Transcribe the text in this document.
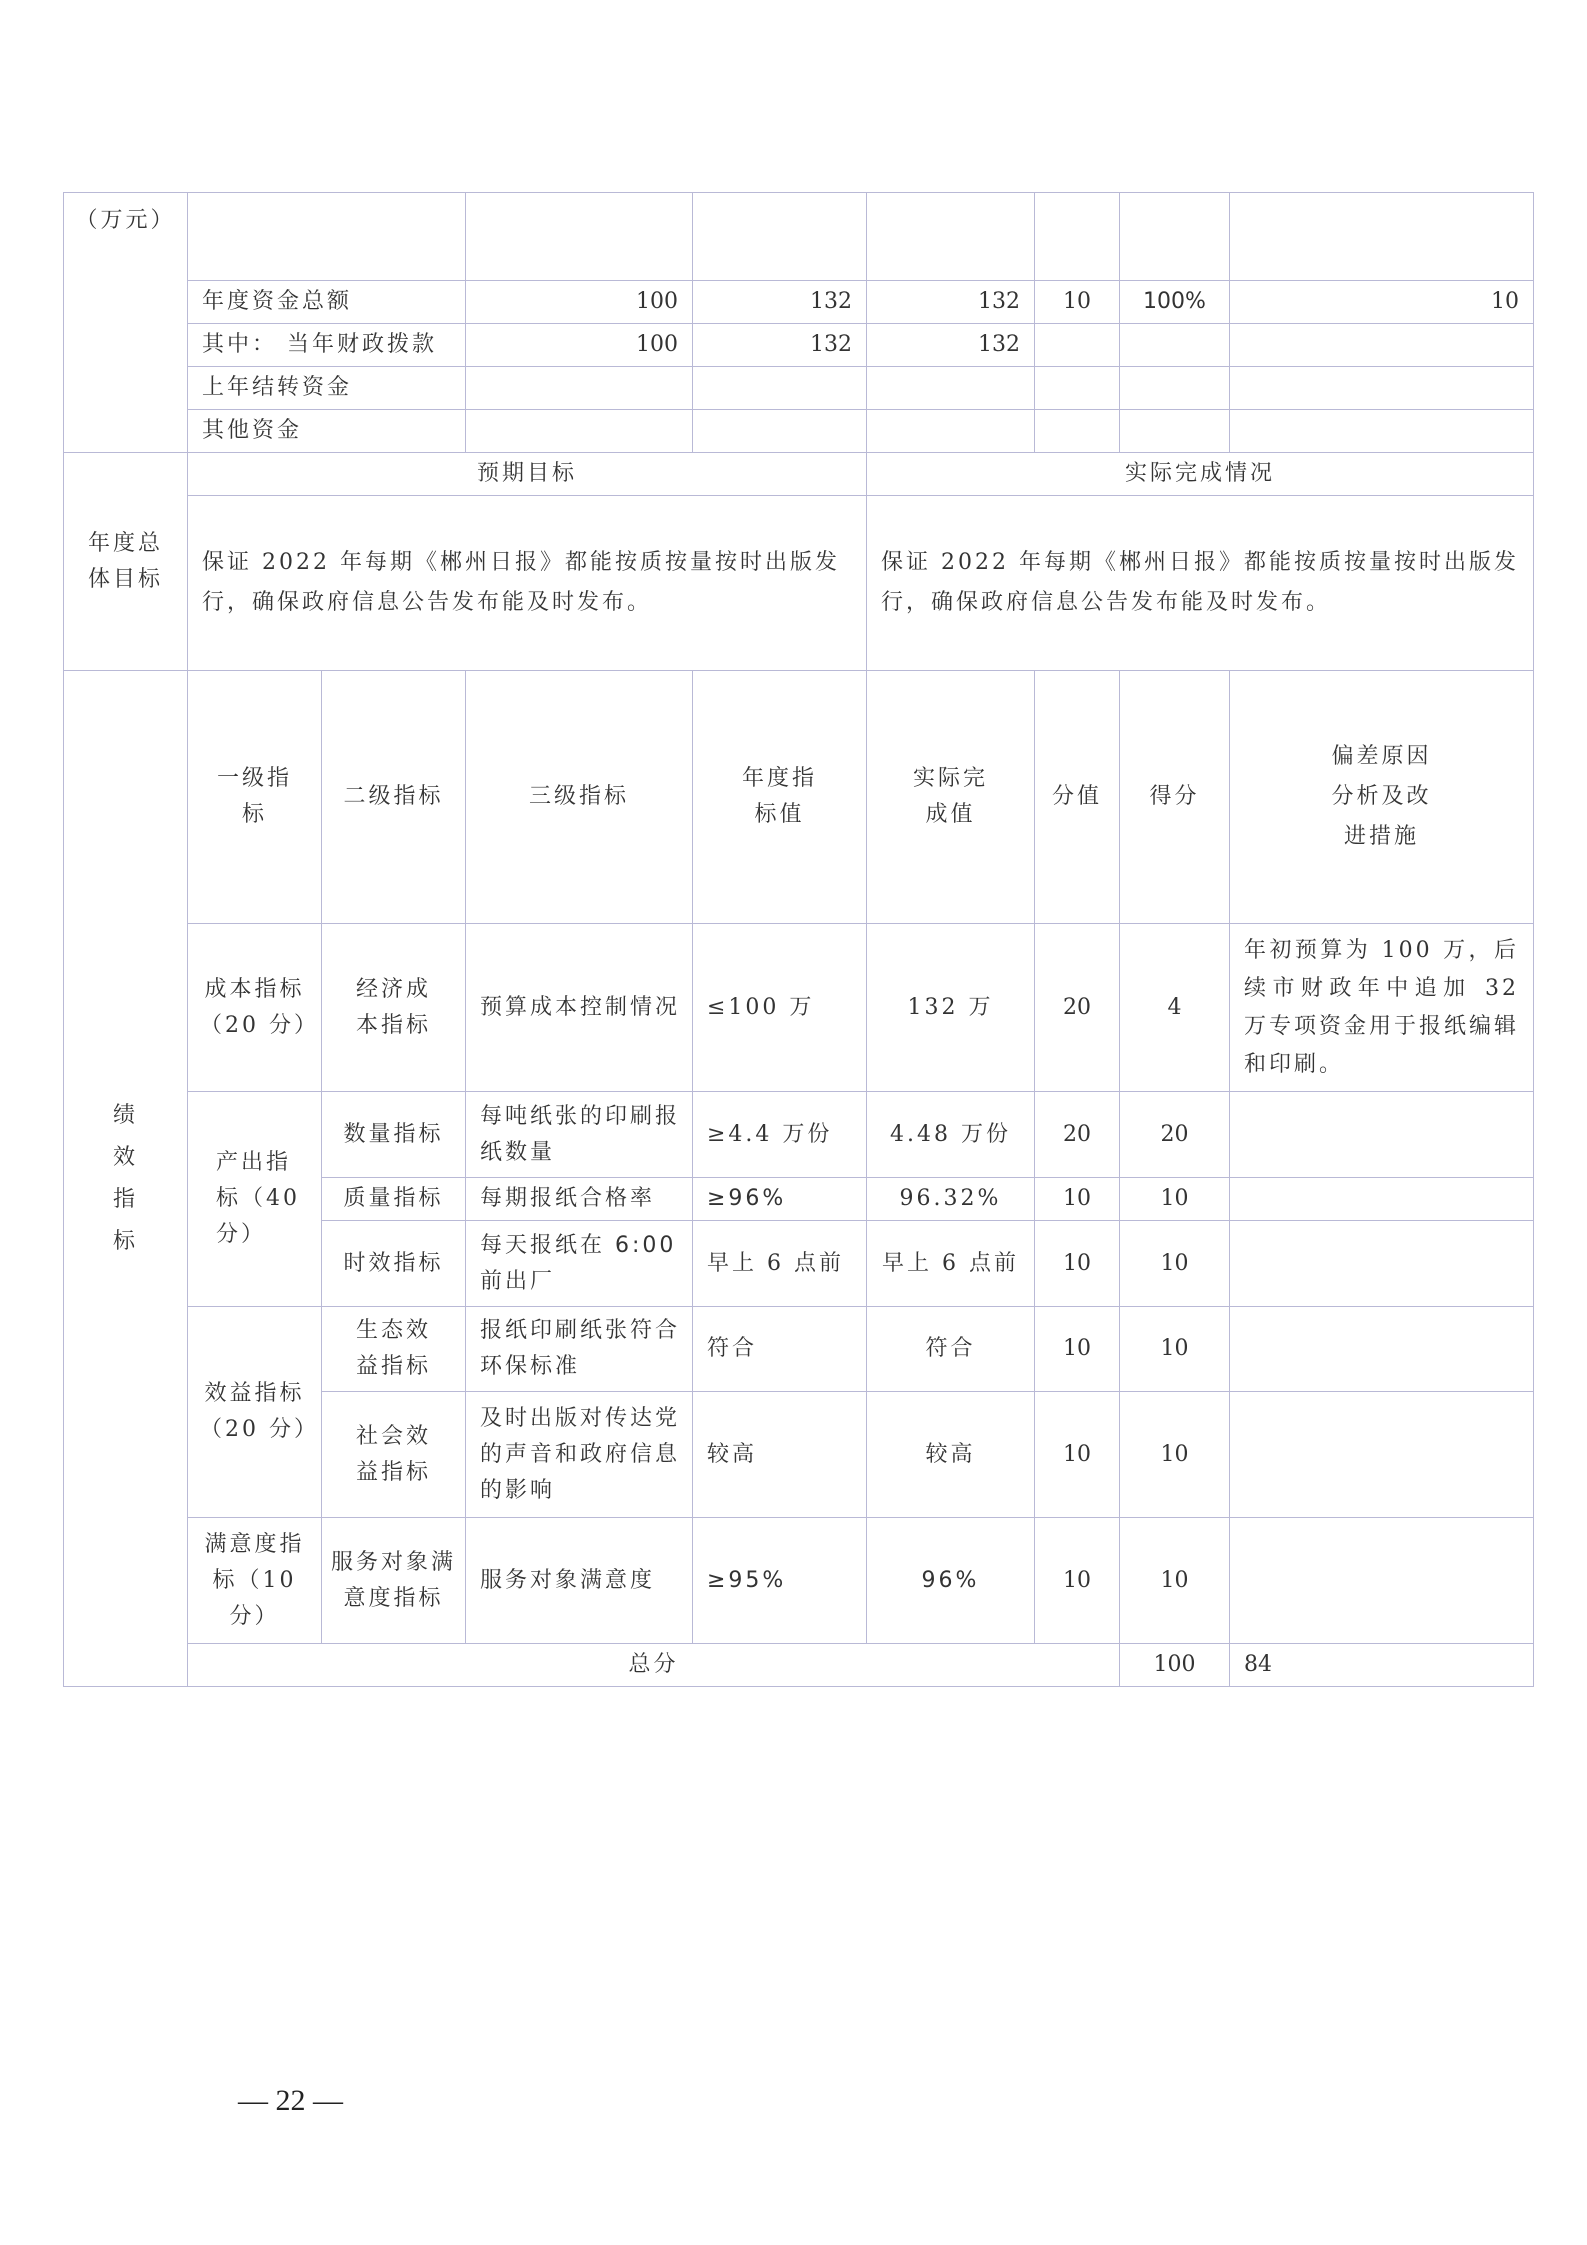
（万元）									
	年度资金总额		100	132	132	10	100%	10	
	其中： 当年财政拨款		100	132	132				
	上年结转资金								
	其他资金								
年度总体目标	预期目标				实际完成情况				
	保证 2022 年每期《郴州日报》都能按质按量按时出版发行，确保政府信息公告发布能及时发布。				保证 2022 年每期《郴州日报》都能按质按量按时出版发行，确保政府信息公告发布能及时发布。				
绩效指标	一级指标	二级指标	三级指标	年度指标值	实际完成值	分值	得分	偏差原因分析及改进措施	
	成本指标（20 分）	经济成本指标	预算成本控制情况	≤100 万	132 万	20	4	年初预算为 100 万，后续市财政年中追加 32 万专项资金用于报纸编辑和印刷。	
	产出指标（40 分）	数量指标	每吨纸张的印刷报纸数量	≥4.4 万份	4.48 万份	20	20		
		质量指标	每期报纸合格率	≥96%	96.32%	10	10		
		时效指标	每天报纸在 6:00 前出厂	早上 6 点前	早上 6 点前	10	10		
	效益指标（20 分）	生态效益指标	报纸印刷纸张符合环保标准	符合	符合	10	10		
		社会效益指标	及时出版对传达党的声音和政府信息的影响	较高	较高	10	10		
	满意度指标（10 分）	服务对象满意度指标	服务对象满意度	≥95%	96%	10	10		
	总分						100	84	
— 22 —
